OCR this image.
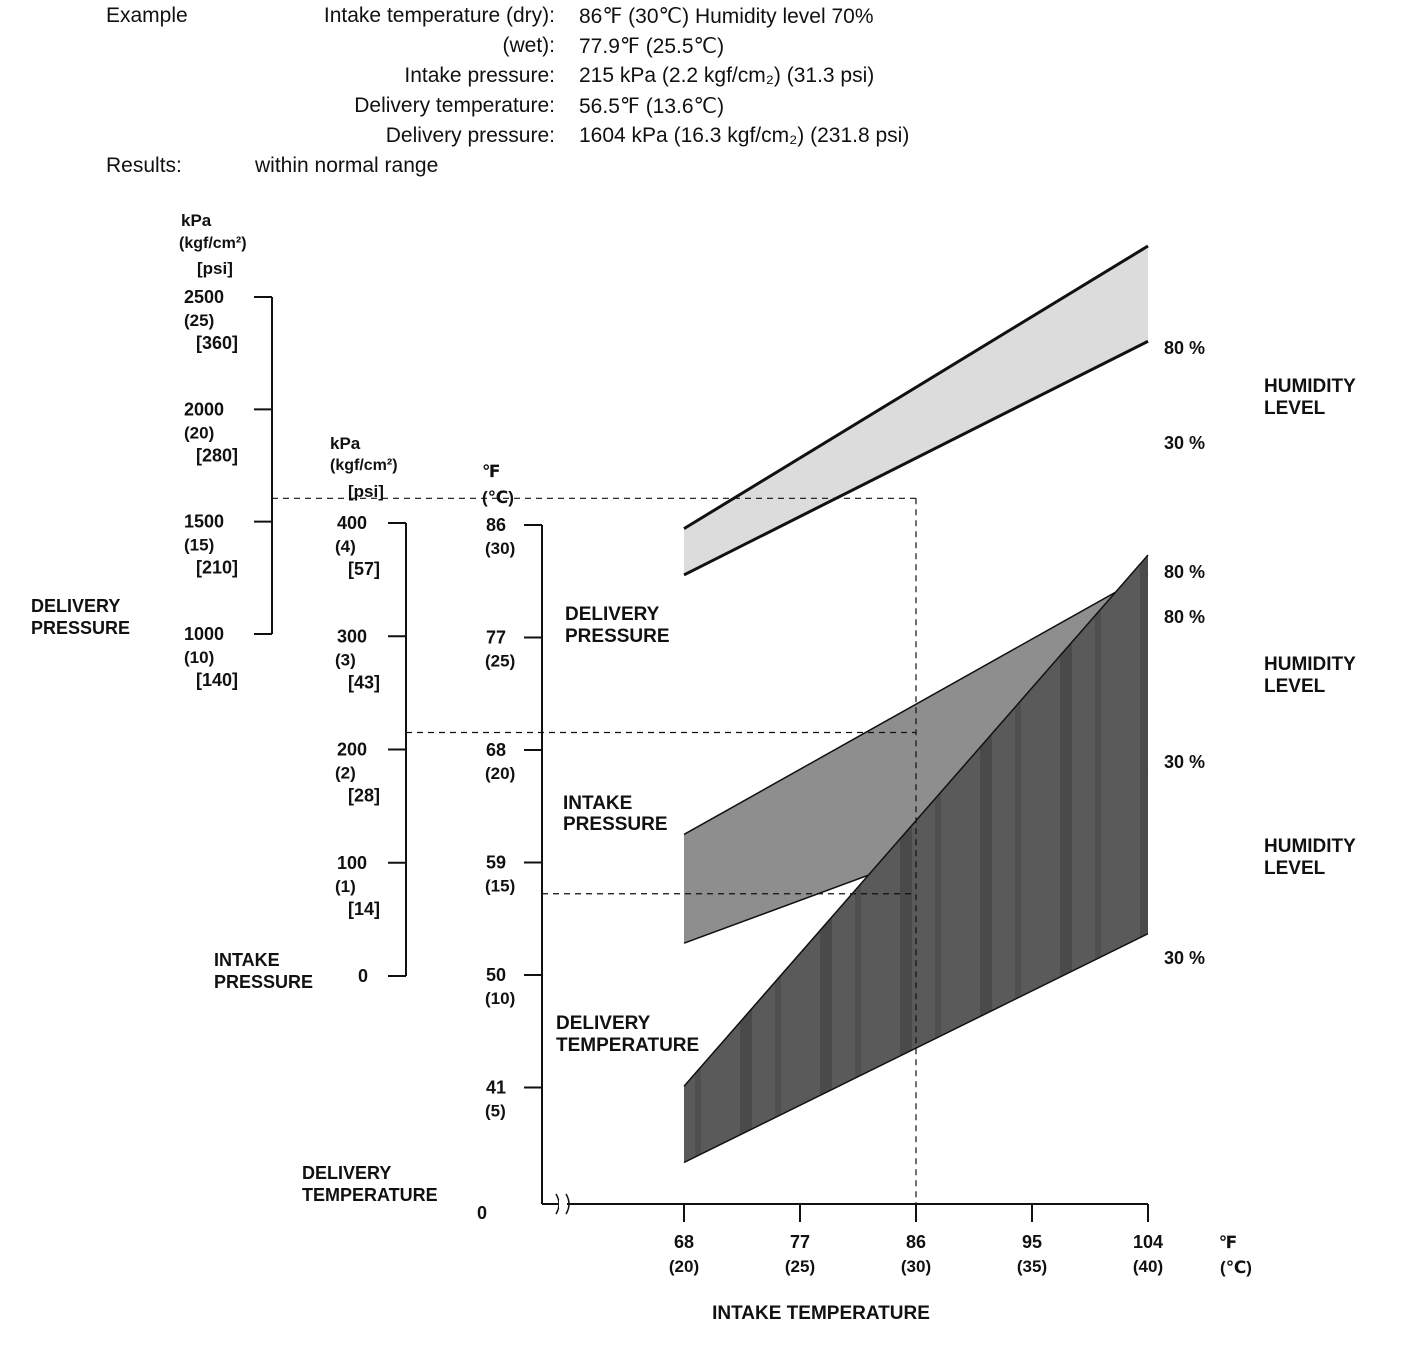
Example	Intake temperature (dry): 86℉ (30℃) Humidity level 70%
(wet): 77.9℉ (25.5℃)
Intake pressure: 215 kPa (2.2 kgf/cm₂) (31.3 psi)
Delivery temperature: 56.5℉ (13.6℃)
Delivery pressure: 1604 kPa (16.3 kgf/cm₂) (231.8 psi)
Results:	within normal range
80 %
30 %
80 %
30 %
80 %
30 %
HUMIDITY
LEVEL
HUMIDITY
LEVEL
HUMIDITY
LEVEL
DELIVERY
PRESSURE
INTAKE
PRESSURE
DELIVERY
TEMPERATURE
2500
(25)
[360]
2000
(20)
[280]
1500
(15)
[210]
1000
(10)
[140]
kPa
(kgf/cm²)
[psi]
DELIVERY
PRESSURE
400
(4)
[57]
300
(3)
[43]
200
(2)
[28]
100
(1)
[14]
0
kPa
(kgf/cm²)
[psi]
INTAKE
PRESSURE
86
(30)
77
(25)
68
(20)
59
(15)
50
(10)
41
(5)
0
℉
(℃)
DELIVERY
TEMPERATURE
68
(20)
77
(25)
86
(30)
95
(35)
104
(40)
℉
(℃)
INTAKE TEMPERATURE
